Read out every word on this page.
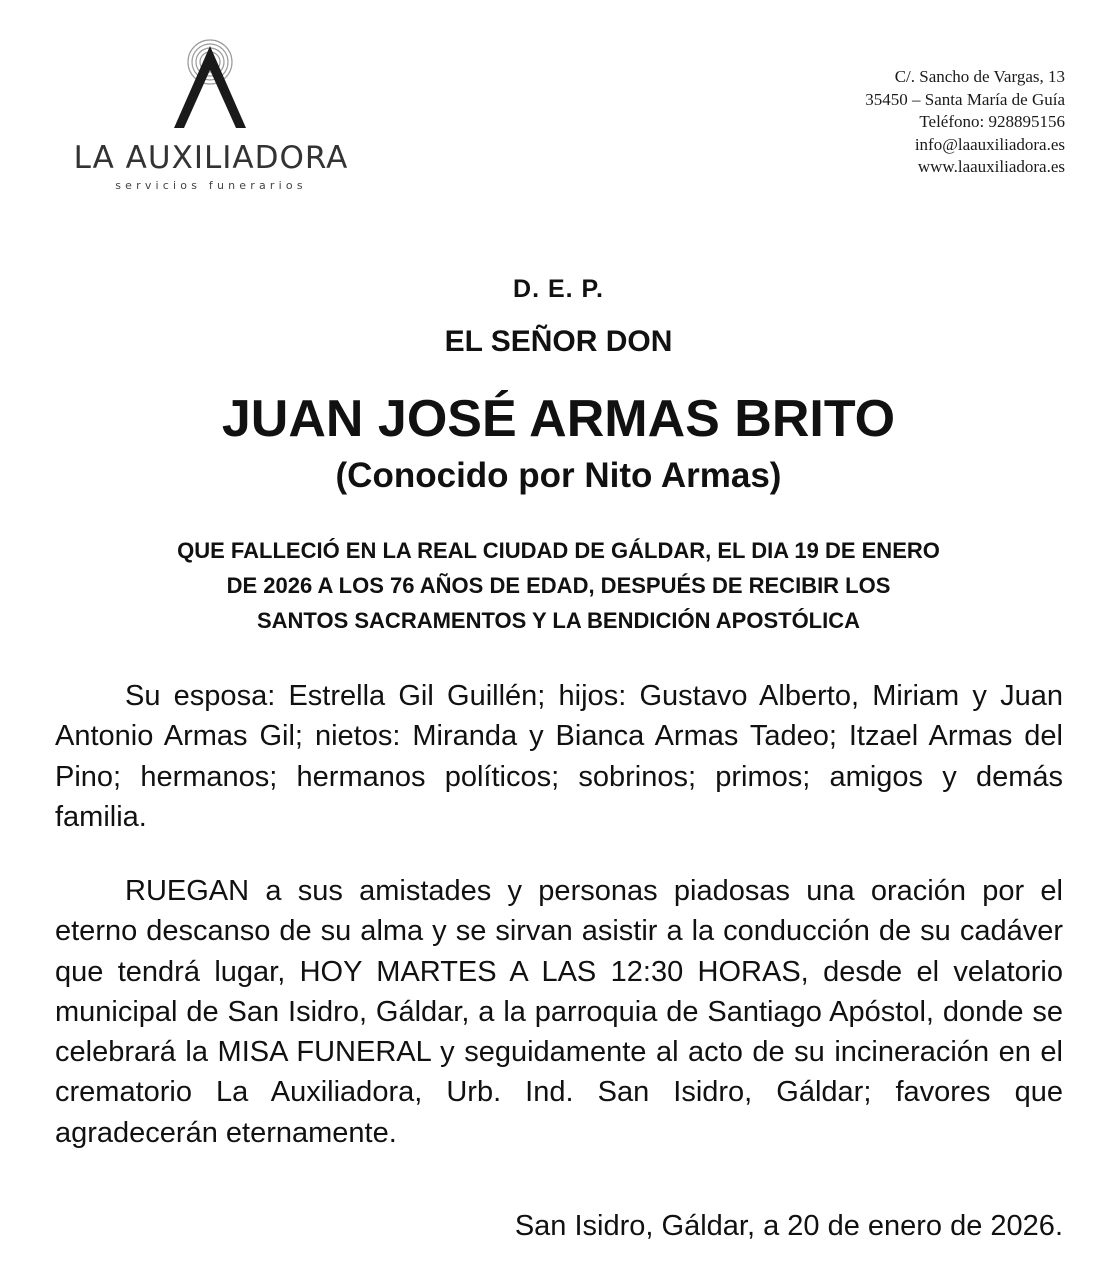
LA AUXILIADORA
servicios funerarios
C/. Sancho de Vargas, 13
35450 – Santa María de Guía
Teléfono: 928895156
info@laauxiliadora.es
www.laauxiliadora.es
D. E. P.
EL SEÑOR DON
JUAN JOSÉ ARMAS BRITO
(Conocido por Nito Armas)
QUE FALLECIÓ EN LA REAL CIUDAD DE GÁLDAR, EL DIA 19 DE ENERO
DE 2026 A LOS 76 AÑOS DE EDAD, DESPUÉS DE RECIBIR LOS
SANTOS SACRAMENTOS Y LA BENDICIÓN APOSTÓLICA
Su esposa: Estrella Gil Guillén; hijos: Gustavo Alberto, Miriam y Juan Antonio Armas Gil; nietos: Miranda y Bianca Armas Tadeo; Itzael Armas del Pino; hermanos; hermanos políticos; sobrinos; primos; amigos y demás familia.
RUEGAN a sus amistades y personas piadosas una oración por el eterno descanso de su alma y se sirvan asistir a la conducción de su cadáver que tendrá lugar, HOY MARTES A LAS 12:30 HORAS, desde el velatorio municipal de San Isidro, Gáldar, a la parroquia de Santiago Apóstol, donde se celebrará la MISA FUNERAL y seguidamente al acto de su incineración en el crematorio La Auxiliadora, Urb. Ind. San Isidro, Gáldar; favores que agradecerán eternamente.
San Isidro, Gáldar, a 20 de enero de 2026.
